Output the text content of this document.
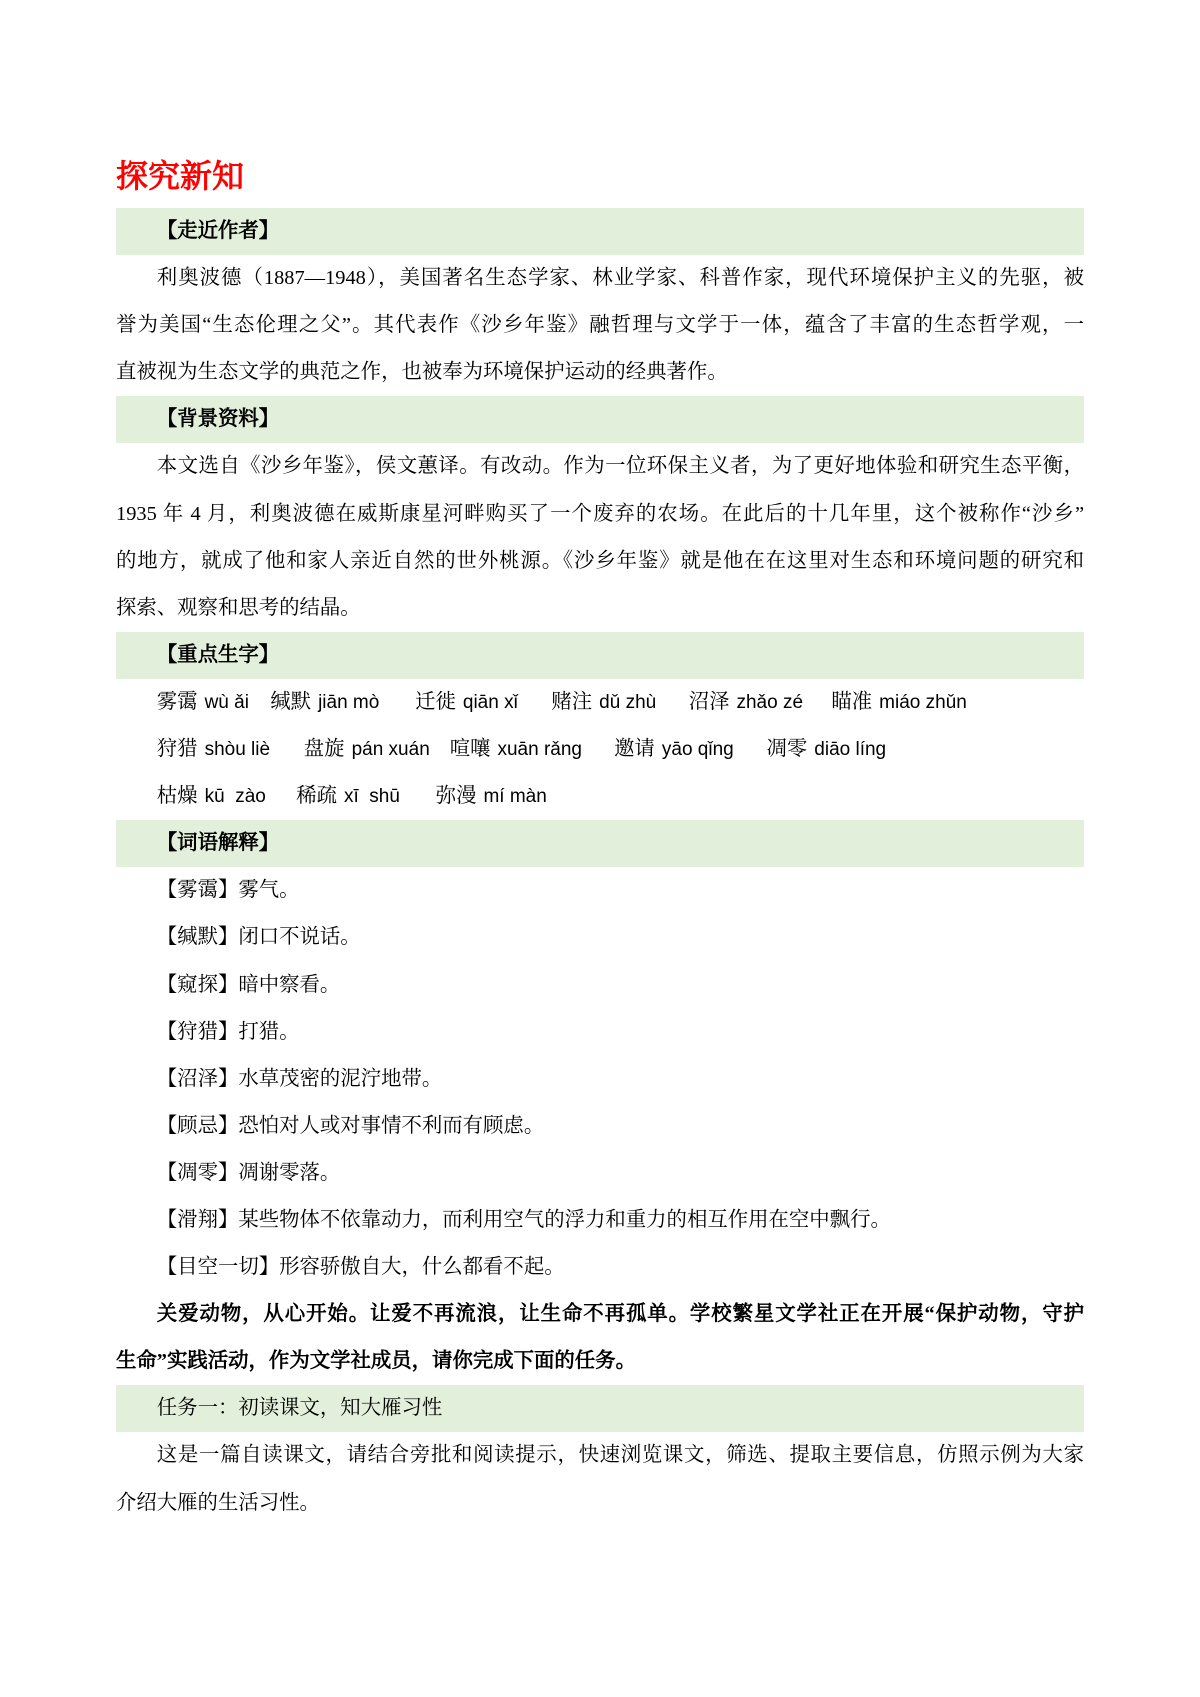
探究新知
【走近作者】
利奥波德（1887—1948），美国著名生态学家、林业学家、科普作家，现代环境保护主义的先驱，被
誉为美国“生态伦理之父”。其代表作《沙乡年鉴》融哲理与文学于一体，蕴含了丰富的生态哲学观，一
直被视为生态文学的典范之作，也被奉为环境保护运动的经典著作。
【背景资料】
本文选自《沙乡年鉴》，侯文蕙译。有改动。作为一位环保主义者，为了更好地体验和研究生态平衡，
1935 年 4 月，利奥波德在威斯康星河畔购买了一个废弃的农场。在此后的十几年里，这个被称作“沙乡”
的地方，就成了他和家人亲近自然的世外桃源。《沙乡年鉴》就是他在在这里对生态和环境问题的研究和
探索、观察和思考的结晶。
【重点生字】
雾霭 wù ǎi 缄默 jiān mò 迁徙 qiān xǐ 赌注 dǔ zhù 沼泽 zhǎo zé 瞄准 miáo zhǔn
狩猎 shòu liè 盘旋 pán xuán 喧嚷 xuān rǎng 邀请 yāo qǐng 凋零 diāo líng
枯燥 kū  zào 稀疏 xī  shū 弥漫 mí màn
【词语解释】
【雾霭】雾气。
【缄默】闭口不说话。
【窥探】暗中察看。
【狩猎】打猎。
【沼泽】水草茂密的泥泞地带。
【顾忌】恐怕对人或对事情不利而有顾虑。
【凋零】凋谢零落。
【滑翔】某些物体不依靠动力，而利用空气的浮力和重力的相互作用在空中飘行。
【目空一切】形容骄傲自大，什么都看不起。
关爱动物，从心开始。让爱不再流浪，让生命不再孤单。学校繁星文学社正在开展“保护动物，守护
生命”实践活动，作为文学社成员，请你完成下面的任务。
任务一：初读课文，知大雁习性
这是一篇自读课文，请结合旁批和阅读提示，快速浏览课文，筛选、提取主要信息，仿照示例为大家
介绍大雁的生活习性。
